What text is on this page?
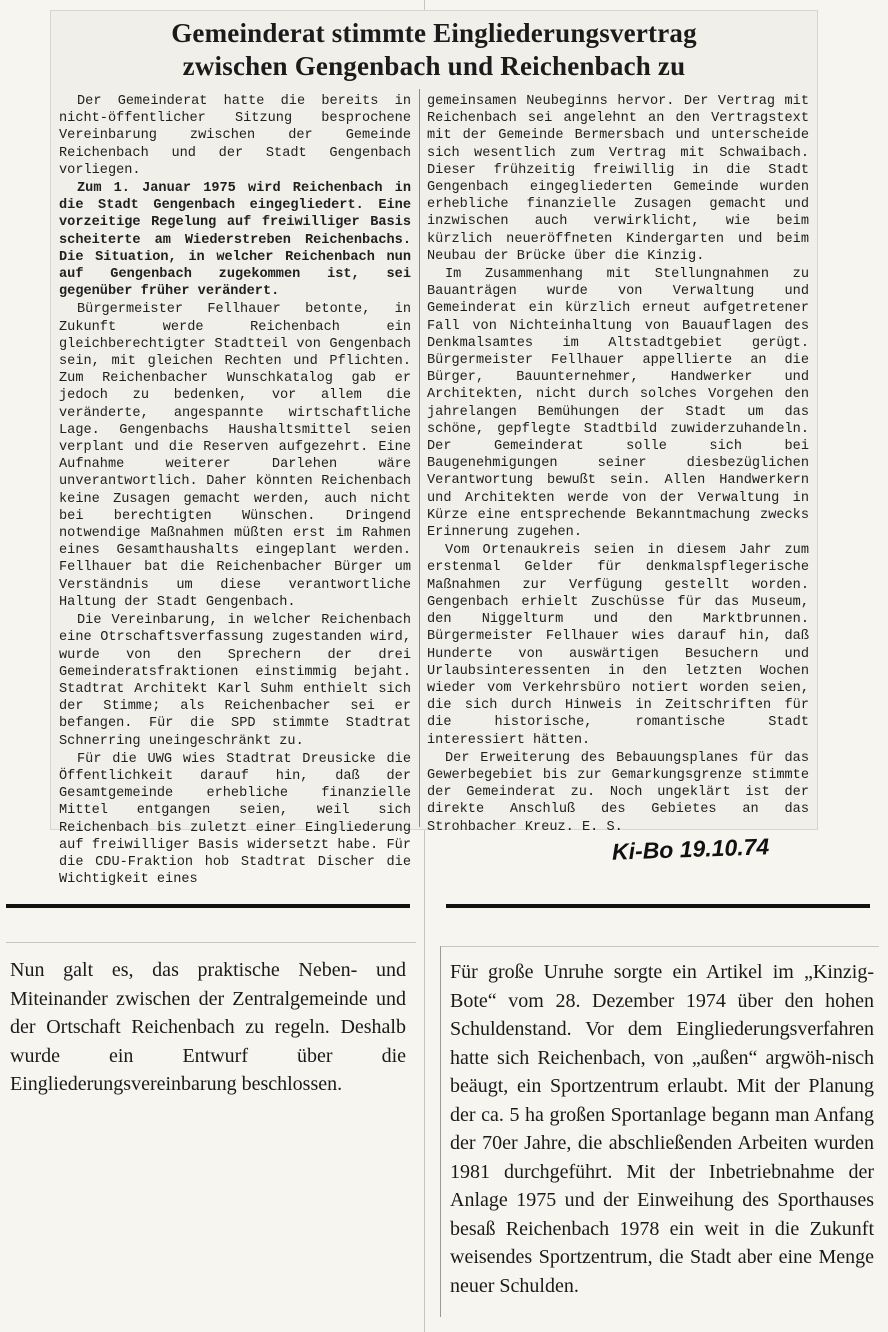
Gemeinderat stimmte Eingliederungsvertrag
zwischen Gengenbach und Reichenbach zu

Der Gemeinderat hatte die bereits in nicht-öffentlicher Sitzung besprochene Vereinbarung zwischen der Gemeinde Reichenbach und der Stadt Gengenbach vorliegen.

Zum 1. Januar 1975 wird Reichenbach in die Stadt Gengenbach eingegliedert. Eine vorzeitige Regelung auf freiwilliger Basis scheiterte am Wiederstreben Reichenbachs. Die Situation, in welcher Reichenbach nun auf Gengenbach zugekommen ist, sei gegenüber früher verändert.

Bürgermeister Fellhauer betonte, in Zukunft werde Reichenbach ein gleichberechtigter Stadtteil von Gengenbach sein, mit gleichen Rechten und Pflichten. Zum Reichenbacher Wunschkatalog gab er jedoch zu bedenken, vor allem die veränderte, angespannte wirtschaftliche Lage. Gengenbachs Haushaltsmittel seien verplant und die Reserven aufgezehrt. Eine Aufnahme weiterer Darlehen wäre unverantwortlich. Daher könnten Reichenbach keine Zusagen gemacht werden, auch nicht bei berechtigten Wünschen. Dringend notwendige Maßnahmen müßten erst im Rahmen eines Gesamthaushalts eingeplant werden. Fellhauer bat die Reichenbacher Bürger um Verständnis um diese verantwortliche Haltung der Stadt Gengenbach.

Die Vereinbarung, in welcher Reichenbach eine Otrschaftsverfassung zugestanden wird, wurde von den Sprechern der drei Gemeinderatsfraktionen einstimmig bejaht. Stadtrat Architekt Karl Suhm enthielt sich der Stimme; als Reichenbacher sei er befangen. Für die SPD stimmte Stadtrat Schnerring uneingeschränkt zu.

Für die UWG wies Stadtrat Dreusicke die Öffentlichkeit darauf hin, daß der Gesamtgemeinde erhebliche finanzielle Mittel entgangen seien, weil sich Reichenbach bis zuletzt einer Eingliederung auf freiwilliger Basis widersetzt habe. Für die CDU-Fraktion hob Stadtrat Discher die Wichtigkeit eines

gemeinsamen Neubeginns hervor. Der Vertrag mit Reichenbach sei angelehnt an den Vertragstext mit der Gemeinde Bermersbach und unterscheide sich wesentlich zum Vertrag mit Schwaibach. Dieser frühzeitig freiwillig in die Stadt Gengenbach eingegliederten Gemeinde wurden erhebliche finanzielle Zusagen gemacht und inzwischen auch verwirklicht, wie beim kürzlich neueröffneten Kindergarten und beim Neubau der Brücke über die Kinzig.

Im Zusammenhang mit Stellungnahmen zu Bauanträgen wurde von Verwaltung und Gemeinderat ein kürzlich erneut aufgetretener Fall von Nichteinhaltung von Bauauflagen des Denkmalsamtes im Altstadtgebiet gerügt. Bürgermeister Fellhauer appellierte an die Bürger, Bauunternehmer, Handwerker und Architekten, nicht durch solches Vorgehen den jahrelangen Bemühungen der Stadt um das schöne, gepflegte Stadtbild zuwiderzuhandeln. Der Gemeinderat solle sich bei Baugenehmigungen seiner diesbezüglichen Verantwortung bewußt sein. Allen Handwerkern und Architekten werde von der Verwaltung in Kürze eine entsprechende Bekanntmachung zwecks Erinnerung zugehen.

Vom Ortenaukreis seien in diesem Jahr zum erstenmal Gelder für denkmalspflegerische Maßnahmen zur Verfügung gestellt worden. Gengenbach erhielt Zuschüsse für das Museum, den Niggelturm und den Marktbrunnen. Bürgermeister Fellhauer wies darauf hin, daß Hunderte von auswärtigen Besuchern und Urlaubsinteressenten in den letzten Wochen wieder vom Verkehrsbüro notiert worden seien, die sich durch Hinweis in Zeitschriften für die historische, romantische Stadt interessiert hätten.

Der Erweiterung des Bebauungsplanes für das Gewerbegebiet bis zur Gemarkungsgrenze stimmte der Gemeinderat zu. Noch ungeklärt ist der direkte Anschluß des Gebietes an das Strohbacher Kreuz. E. S.

Ki-Bo 19.10.74
Nun galt es, das praktische Neben- und Miteinander zwischen der Zentralgemeinde und der Ortschaft Reichenbach zu regeln. Deshalb wurde ein Entwurf über die Eingliederungsvereinbarung beschlossen.
Für große Unruhe sorgte ein Artikel im „Kinzig-Bote“ vom 28. Dezember 1974 über den hohen Schuldenstand. Vor dem Eingliederungsverfahren hatte sich Reichenbach, von „außen“ argwöh-nisch beäugt, ein Sportzentrum erlaubt. Mit der Planung der ca. 5 ha großen Sportanlage begann man Anfang der 70er Jahre, die abschließenden Arbeiten wurden 1981 durchgeführt. Mit der Inbetriebnahme der Anlage 1975 und der Einweihung des Sporthauses besaß Reichenbach 1978 ein weit in die Zukunft weisendes Sportzentrum, die Stadt aber eine Menge neuer Schulden.
